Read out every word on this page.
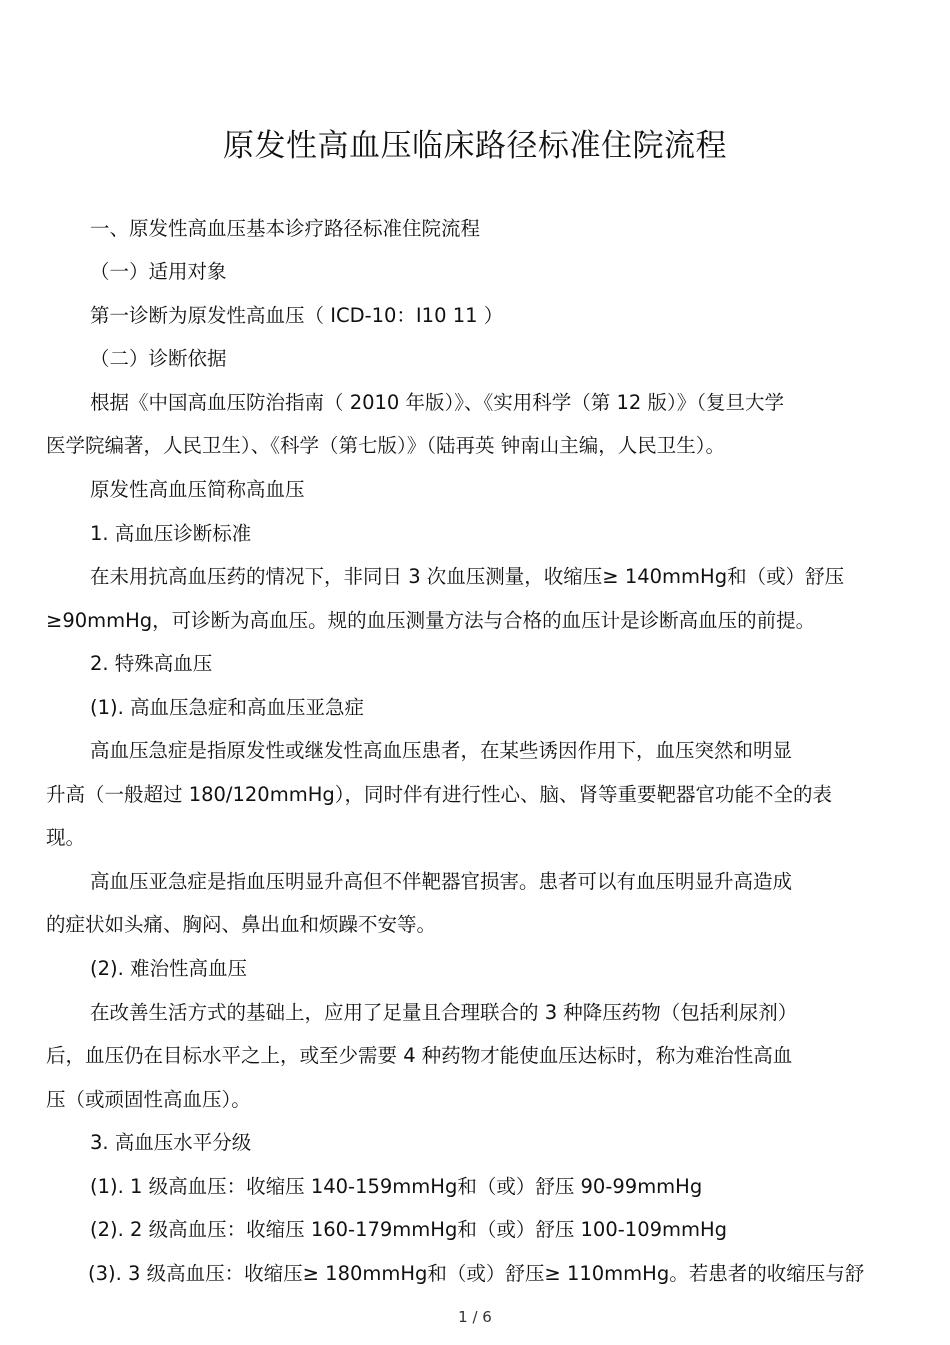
原发性高血压临床路径标准住院流程
一、原发性高血压基本诊疗路径标准住院流程
（一）适用对象
第一诊断为原发性高血压（ ICD-10：I10 11 ）
（二）诊断依据
根据《中国高血压防治指南（ 2010 年版）》、《实用科学（第 12 版）》（复旦大学
医学院编著，人民卫生）、《科学（第七版）》（陆再英 钟南山主编，人民卫生）。
原发性高血压简称高血压
1. 高血压诊断标准
在未用抗高血压药的情况下，非同日 3 次血压测量，收缩压≥ 140mmHg和（或）舒压
≥90mmHg，可诊断为高血压。规的血压测量方法与合格的血压计是诊断高血压的前提。
2. 特殊高血压
(1). 高血压急症和高血压亚急症
高血压急症是指原发性或继发性高血压患者，在某些诱因作用下，血压突然和明显
升高（一般超过 180/120mmHg），同时伴有进行性心、脑、肾等重要靶器官功能不全的表
现。
高血压亚急症是指血压明显升高但不伴靶器官损害。患者可以有血压明显升高造成
的症状如头痛、胸闷、鼻出血和烦躁不安等。
(2). 难治性高血压
在改善生活方式的基础上，应用了足量且合理联合的 3 种降压药物（包括利尿剂）
后，血压仍在目标水平之上，或至少需要 4 种药物才能使血压达标时，称为难治性高血
压（或顽固性高血压）。
3. 高血压水平分级
(1). 1 级高血压：收缩压 140-159mmHg和（或）舒压 90-99mmHg
(2). 2 级高血压：收缩压 160-179mmHg和（或）舒压 100-109mmHg
(3). 3 级高血压：收缩压≥ 180mmHg和（或）舒压≥ 110mmHg。若患者的收缩压与舒
1 / 6
